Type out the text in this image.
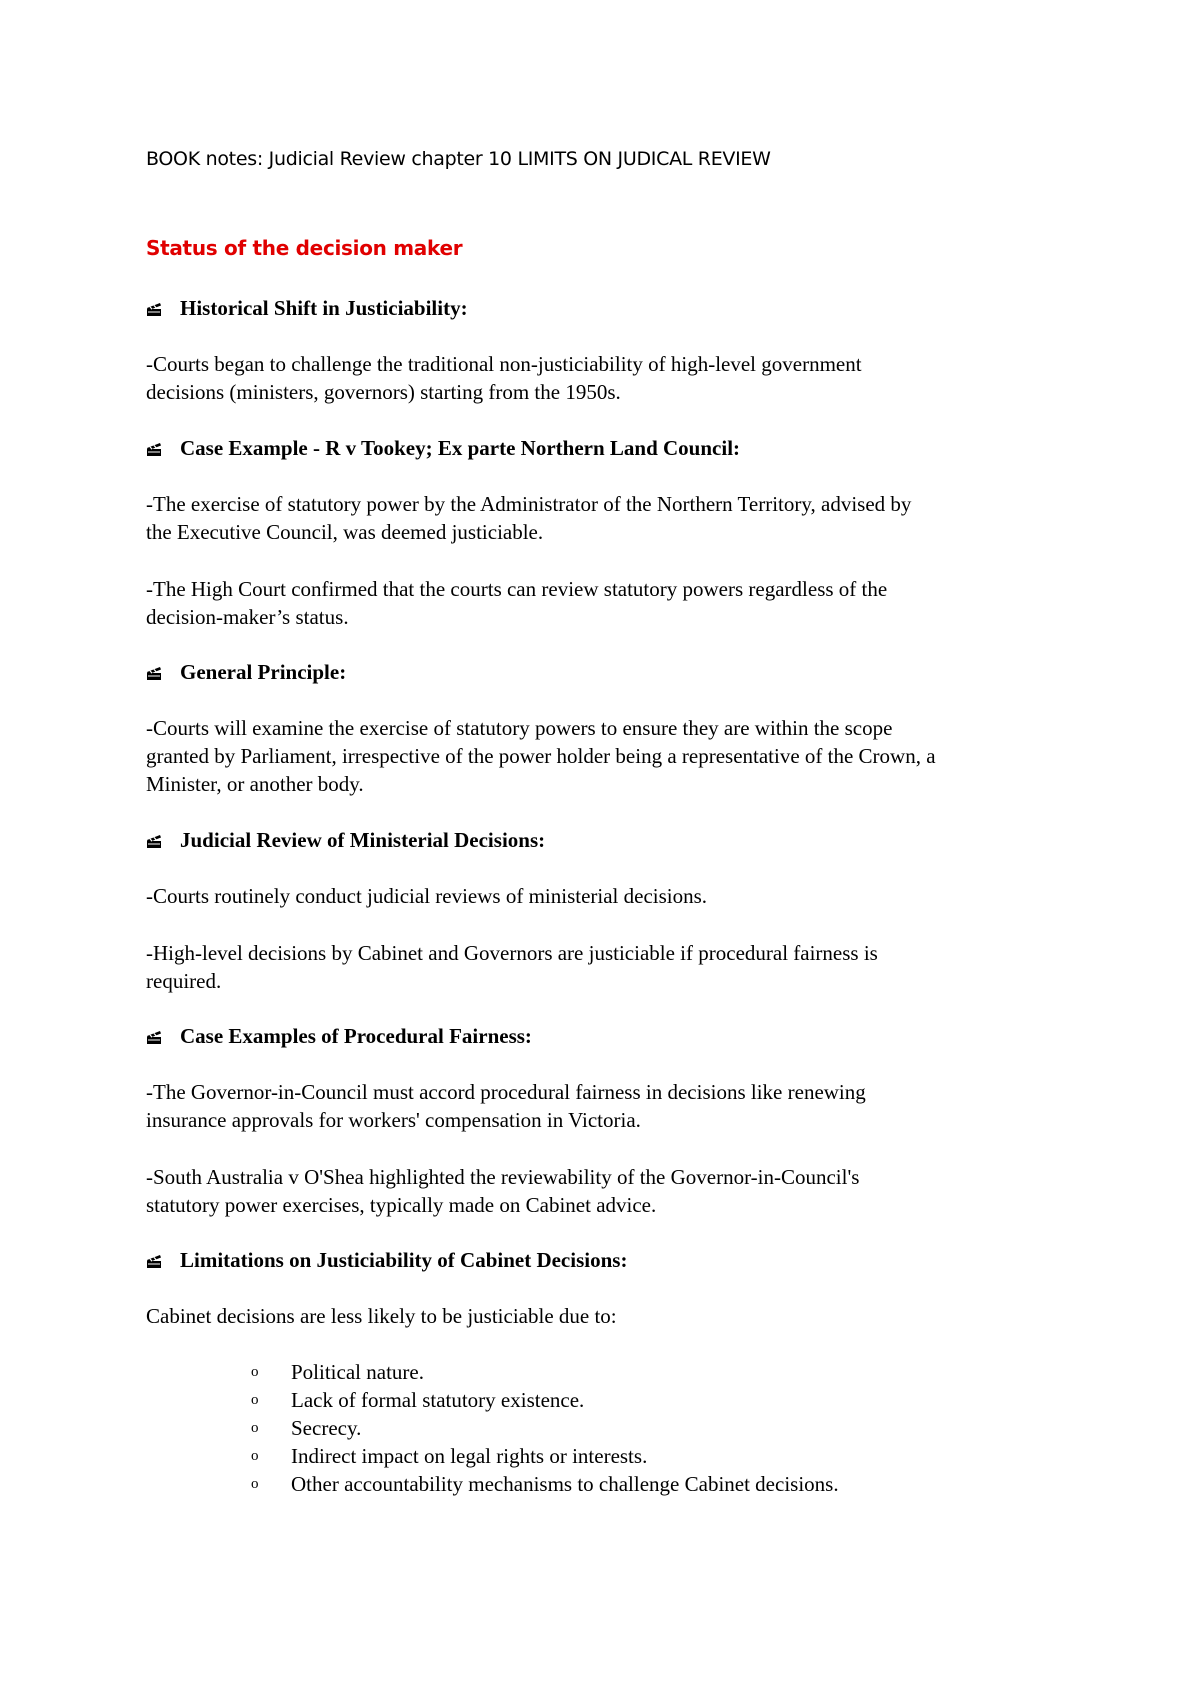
BOOK notes: Judicial Review chapter 10 LIMITS ON JUDICAL REVIEW
Status of the decision maker
Historical Shift in Justiciability:
-Courts began to challenge the traditional non-justiciability of high-level government
decisions (ministers, governors) starting from the 1950s.
Case Example - R v Tookey; Ex parte Northern Land Council:
-The exercise of statutory power by the Administrator of the Northern Territory, advised by
the Executive Council, was deemed justiciable.
-The High Court confirmed that the courts can review statutory powers regardless of the
decision-maker’s status.
General Principle:
-Courts will examine the exercise of statutory powers to ensure they are within the scope
granted by Parliament, irrespective of the power holder being a representative of the Crown, a
Minister, or another body.
Judicial Review of Ministerial Decisions:
-Courts routinely conduct judicial reviews of ministerial decisions.
-High-level decisions by Cabinet and Governors are justiciable if procedural fairness is
required.
Case Examples of Procedural Fairness:
-The Governor-in-Council must accord procedural fairness in decisions like renewing
insurance approvals for workers' compensation in Victoria.
-South Australia v O'Shea highlighted the reviewability of the Governor-in-Council's
statutory power exercises, typically made on Cabinet advice.
Limitations on Justiciability of Cabinet Decisions:
Cabinet decisions are less likely to be justiciable due to:
o Political nature.
o Lack of formal statutory existence.
o Secrecy.
o Indirect impact on legal rights or interests.
o Other accountability mechanisms to challenge Cabinet decisions.
